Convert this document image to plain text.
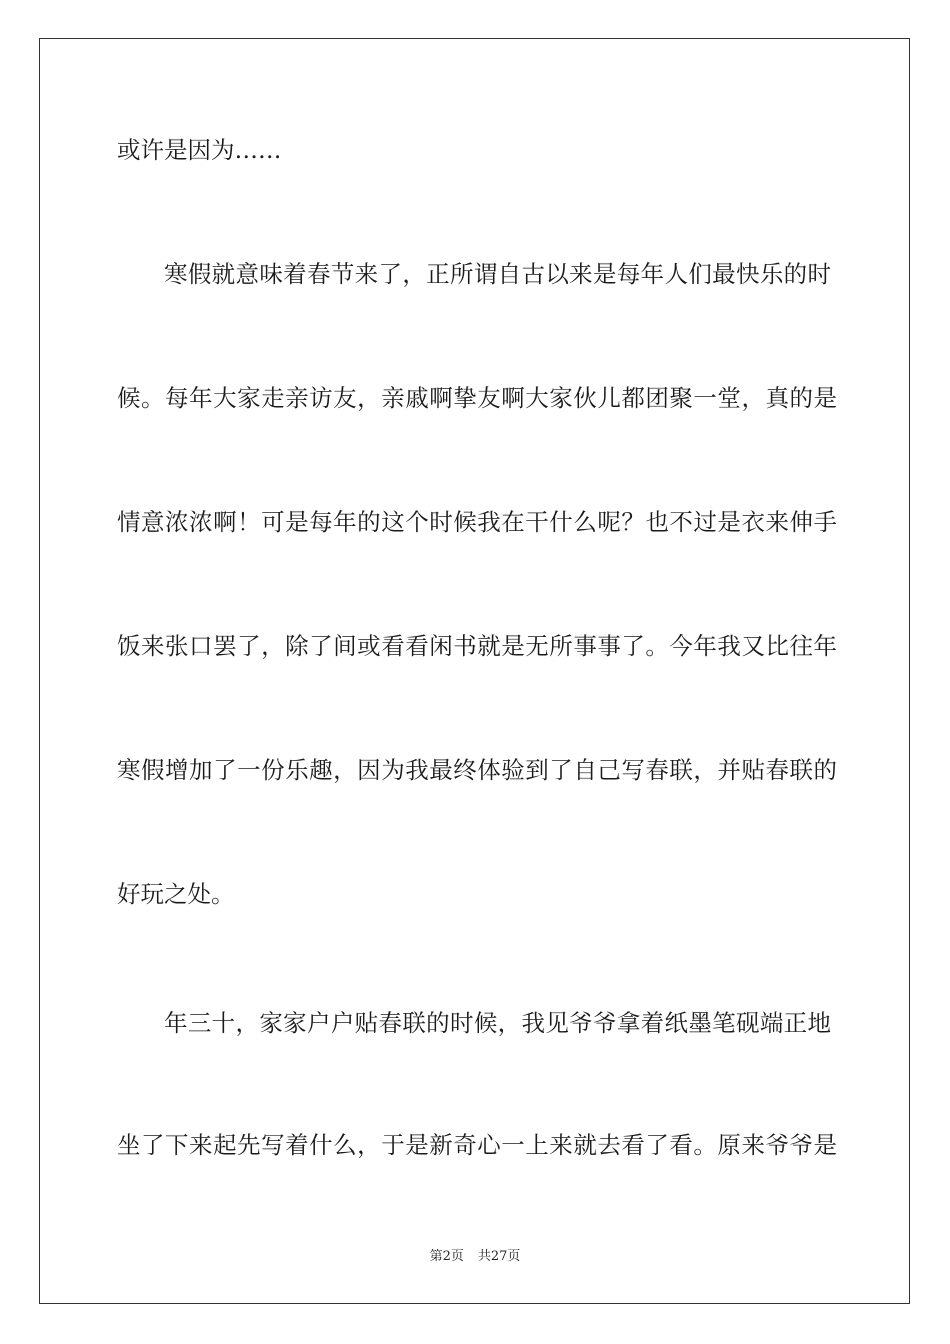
或许是因为……

寒假就意味着春节来了，正所谓自古以来是每年人们最快乐的时

候。每年大家走亲访友，亲戚啊挚友啊大家伙儿都团聚一堂，真的是

情意浓浓啊！可是每年的这个时候我在干什么呢？也不过是衣来伸手

饭来张口罢了，除了间或看看闲书就是无所事事了。今年我又比往年

寒假增加了一份乐趣，因为我最终体验到了自己写春联，并贴春联的

好玩之处。

年三十，家家户户贴春联的时候，我见爷爷拿着纸墨笔砚端正地

坐了下来起先写着什么，于是新奇心一上来就去看了看。原来爷爷是

第2页 共27页
